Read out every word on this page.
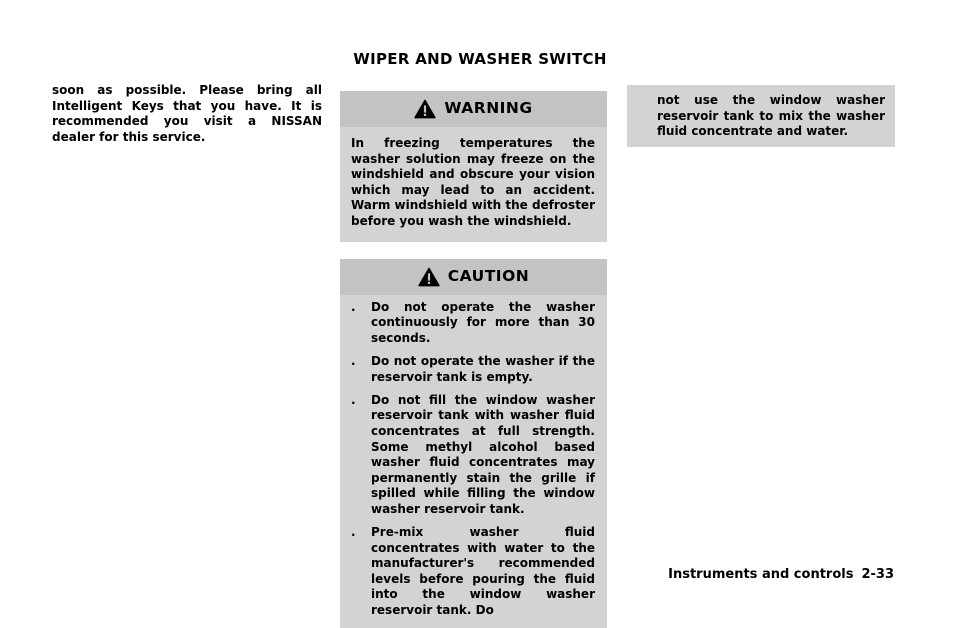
WIPER AND WASHER SWITCH

soon as possible. Please bring all Intelligent Keys that you have. It is recommended you visit a NISSAN dealer for this service.

WARNING
In freezing temperatures the washer solution may freeze on the windshield and obscure your vision which may lead to an accident. Warm windshield with the defroster before you wash the windshield.
CAUTION
.	Do not operate the washer continuously for more than 30 seconds.
.	Do not operate the washer if the reservoir tank is empty.
.	Do not fill the window washer reservoir tank with washer fluid concentrates at full strength. Some methyl alcohol based washer fluid concentrates may permanently stain the grille if spilled while filling the window washer reservoir tank.
.	Pre-mix washer fluid concentrates with water to the manufacturer's recommended levels before pouring the fluid into the window washer reservoir tank. Do

not use the window washer reservoir tank to mix the washer fluid concentrate and water.

Instruments and controls 2-33
